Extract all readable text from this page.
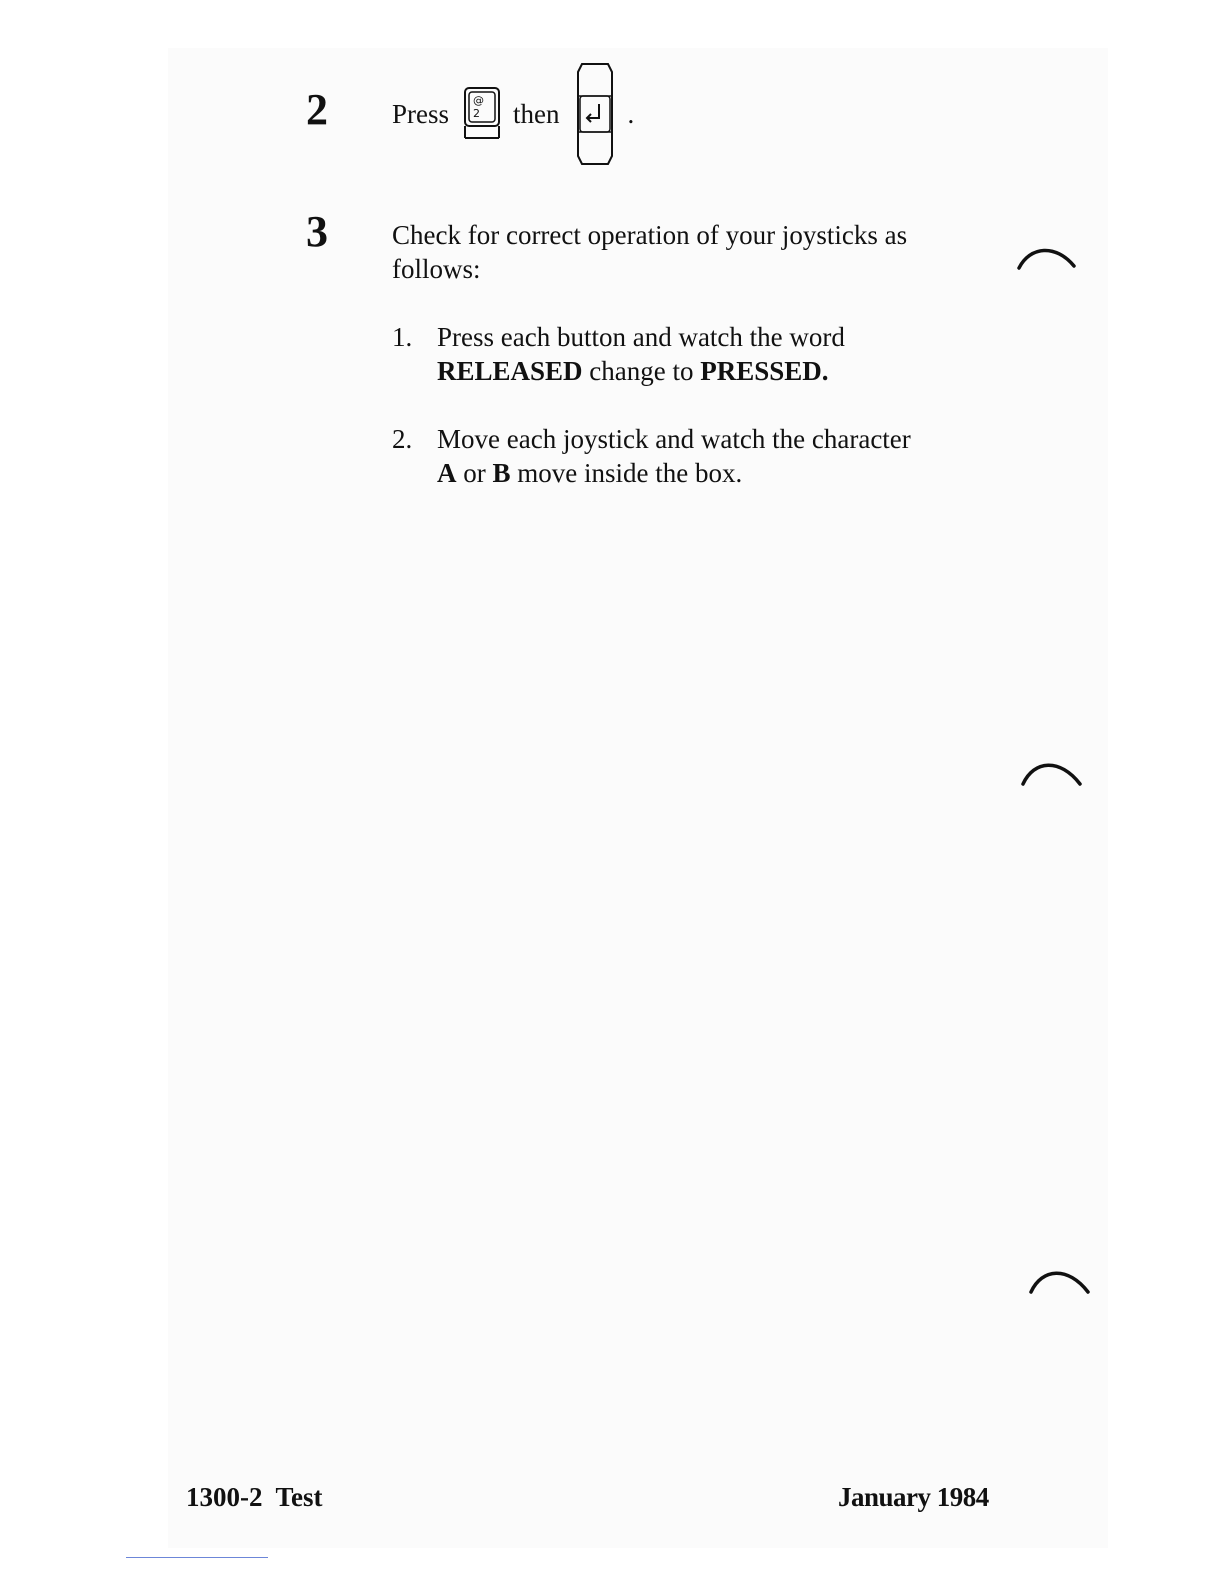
2 Press @
2 then	.
3 Check for correct operation of your joysticks as
follows:
1. Press each button and watch the word
RELEASED change to PRESSED.
2. Move each joystick and watch the character
A or B move inside the box.
1300-2  Test	January 1984
